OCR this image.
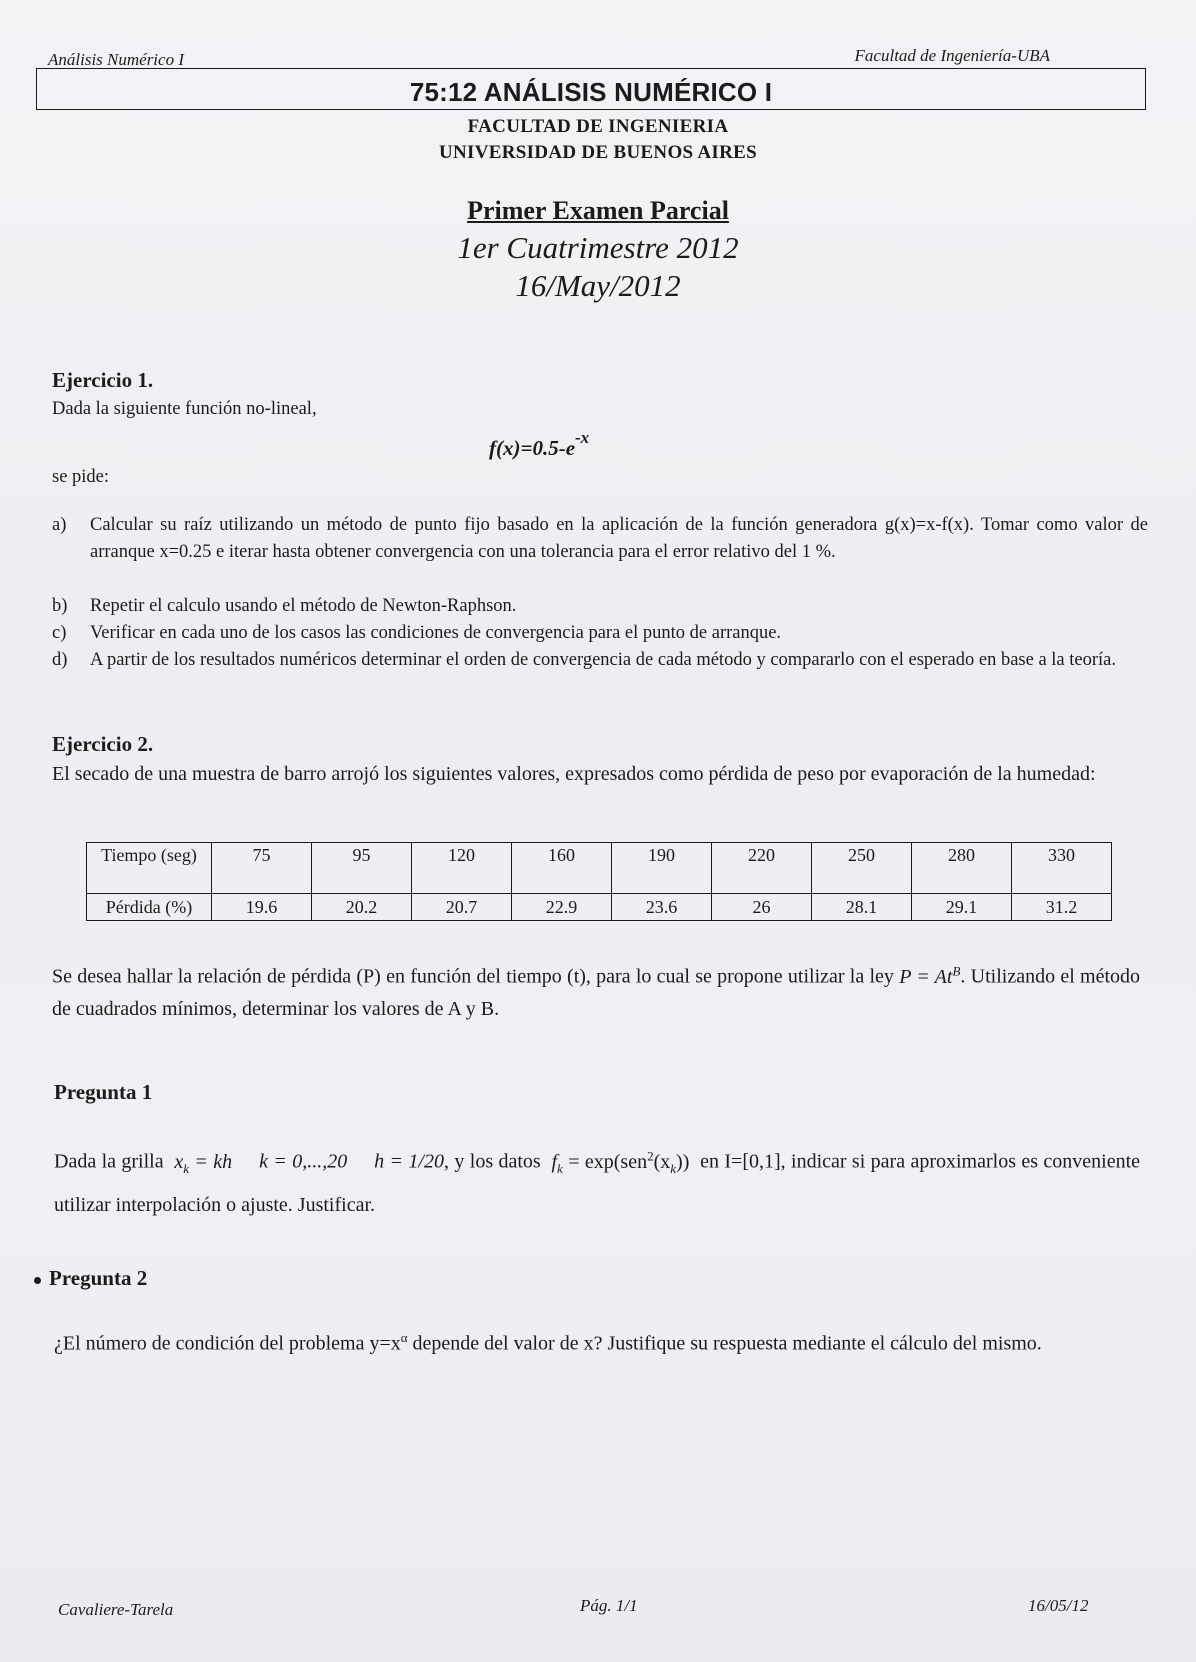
Análisis Numérico I	Facultad de Ingeniería-UBA
75:12 ANÁLISIS NUMÉRICO I
FACULTAD DE INGENIERIA
UNIVERSIDAD DE BUENOS AIRES
Primer Examen Parcial
1er Cuatrimestre 2012
16/May/2012
Ejercicio 1.
Dada la siguiente función no-lineal,
$f(x)=0.5-e^{-x}$
se pide:
a) Calcular su raíz utilizando un método de punto fijo basado en la aplicación de la función generadora g(x)=x-f(x). Tomar como valor de arranque x=0.25 e iterar hasta obtener convergencia con una tolerancia para el error relativo del 1 %.
b) Repetir el calculo usando el método de Newton-Raphson.
c) Verificar en cada uno de los casos las condiciones de convergencia para el punto de arranque.
d) A partir de los resultados numéricos determinar el orden de convergencia de cada método y compararlo con el esperado en base a la teoría.
Ejercicio 2.
El secado de una muestra de barro arrojó los siguientes valores, expresados como pérdida de peso por evaporación de la humedad:
Tiempo (seg)	75	95	120	160	190	220	250	280	330
Pérdida (%)	19.6	20.2	20.7	22.9	23.6	26	28.1	29.1	31.2
Se desea hallar la relación de pérdida (P) en función del tiempo (t), para lo cual se propone utilizar la ley $P = At^B$. Utilizando el método de cuadrados mínimos, determinar los valores de A y B.
Pregunta 1
Dada la grilla $x_k$ = kh k = 0,...,20 h = 1/20, y los datos $f_k = \exp(sen^2(x_k))$ en I=[0,1], indicar si para aproximarlos es conveniente utilizar interpolación o ajuste. Justificar.
Pregunta 2
¿El número de condición del problema $y=x^\alpha$ depende del valor de x? Justifique su respuesta mediante el cálculo del mismo.
Cavaliere-Tarela	Pág. 1/1	16/05/12
